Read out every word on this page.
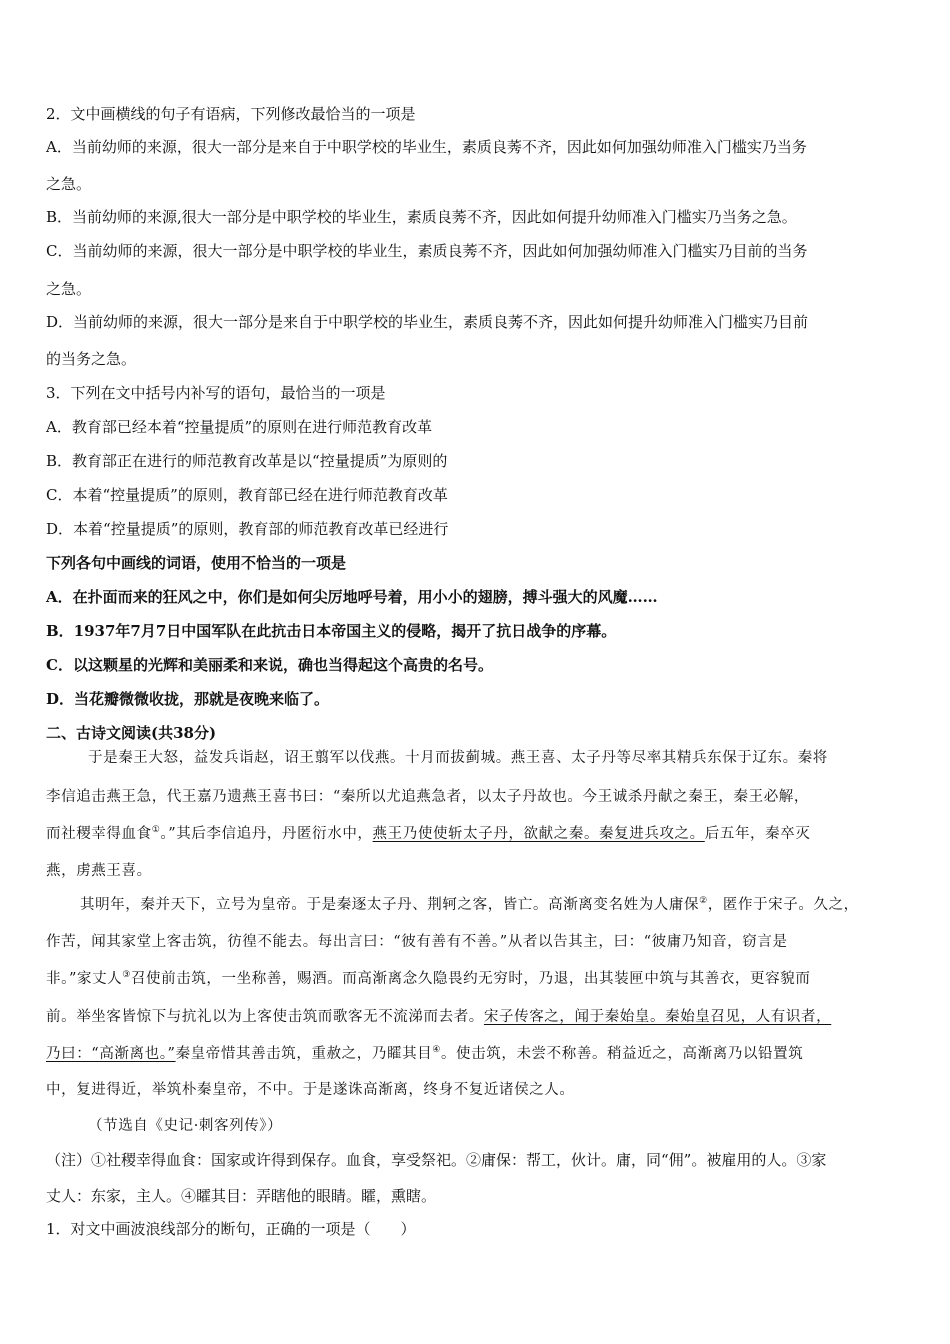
2．文中画横线的句子有语病，下列修改最恰当的一项是
A．当前幼师的来源，很大一部分是来自于中职学校的毕业生，素质良莠不齐，因此如何加强幼师准入门槛实乃当务
之急。
B．当前幼师的来源,很大一部分是中职学校的毕业生，素质良莠不齐，因此如何提升幼师准入门槛实乃当务之急。
C．当前幼师的来源，很大一部分是中职学校的毕业生，素质良莠不齐，因此如何加强幼师准入门槛实乃目前的当务
之急。
D．当前幼师的来源，很大一部分是来自于中职学校的毕业生，素质良莠不齐，因此如何提升幼师准入门槛实乃目前
的当务之急。
3．下列在文中括号内补写的语句，最恰当的一项是
A．教育部已经本着“控量提质”的原则在进行师范教育改革
B．教育部正在进行的师范教育改革是以“控量提质”为原则的
C．本着“控量提质”的原则，教育部已经在进行师范教育改革
D．本着“控量提质”的原则，教育部的师范教育改革已经进行
下列各句中画线的词语，使用不恰当的一项是
A．在扑面而来的狂风之中，你们是如何尖厉地呼号着，用小小的翅膀，搏斗强大的风魔……
B．1937年7月7日中国军队在此抗击日本帝国主义的侵略，揭开了抗日战争的序幕。
C．以这颗星的光辉和美丽柔和来说，确也当得起这个高贵的名号。
D．当花瓣微微收拢，那就是夜晚来临了。
二、古诗文阅读(共38分)
于是秦王大怒，益发兵诣赵，诏王翦军以伐燕。十月而拔蓟城。燕王喜、太子丹等尽率其精兵东保于辽东。秦将
李信追击燕王急，代王嘉乃遗燕王喜书曰：“秦所以尤追燕急者，以太子丹故也。今王诚杀丹献之秦王，秦王必解，
而社稷幸得血食①。”其后李信追丹，丹匿衍水中，燕王乃使使斩太子丹，欲献之秦。秦复进兵攻之。后五年，秦卒灭
燕，虏燕王喜。
其明年，秦并天下，立号为皇帝。于是秦逐太子丹、荆轲之客，皆亡。高渐离变名姓为人庸保②，匿作于宋子。久之，
作苦，闻其家堂上客击筑，彷徨不能去。每出言曰：“彼有善有不善。”从者以告其主，曰：“彼庸乃知音，窃言是
非。”家丈人③召使前击筑，一坐称善，赐酒。而高渐离念久隐畏约无穷时，乃退，出其装匣中筑与其善衣，更容貌而
前。举坐客皆惊下与抗礼以为上客使击筑而歌客无不流涕而去者。宋子传客之，闻于秦始皇。秦始皇召见，人有识者，
乃曰：“高渐离也。”秦皇帝惜其善击筑，重赦之，乃矐其目④。使击筑，未尝不称善。稍益近之，高渐离乃以铅置筑
中，复进得近，举筑朴秦皇帝，不中。于是遂诛高渐离，终身不复近诸侯之人。
（节选自《史记·刺客列传》）
（注）①社稷幸得血食：国家或许得到保存。血食，享受祭祀。②庸保：帮工，伙计。庸，同“佣”。被雇用的人。③家
丈人：东家，主人。④矐其目：弄瞎他的眼睛。矐，熏瞎。
1．对文中画波浪线部分的断句，正确的一项是（　　）
